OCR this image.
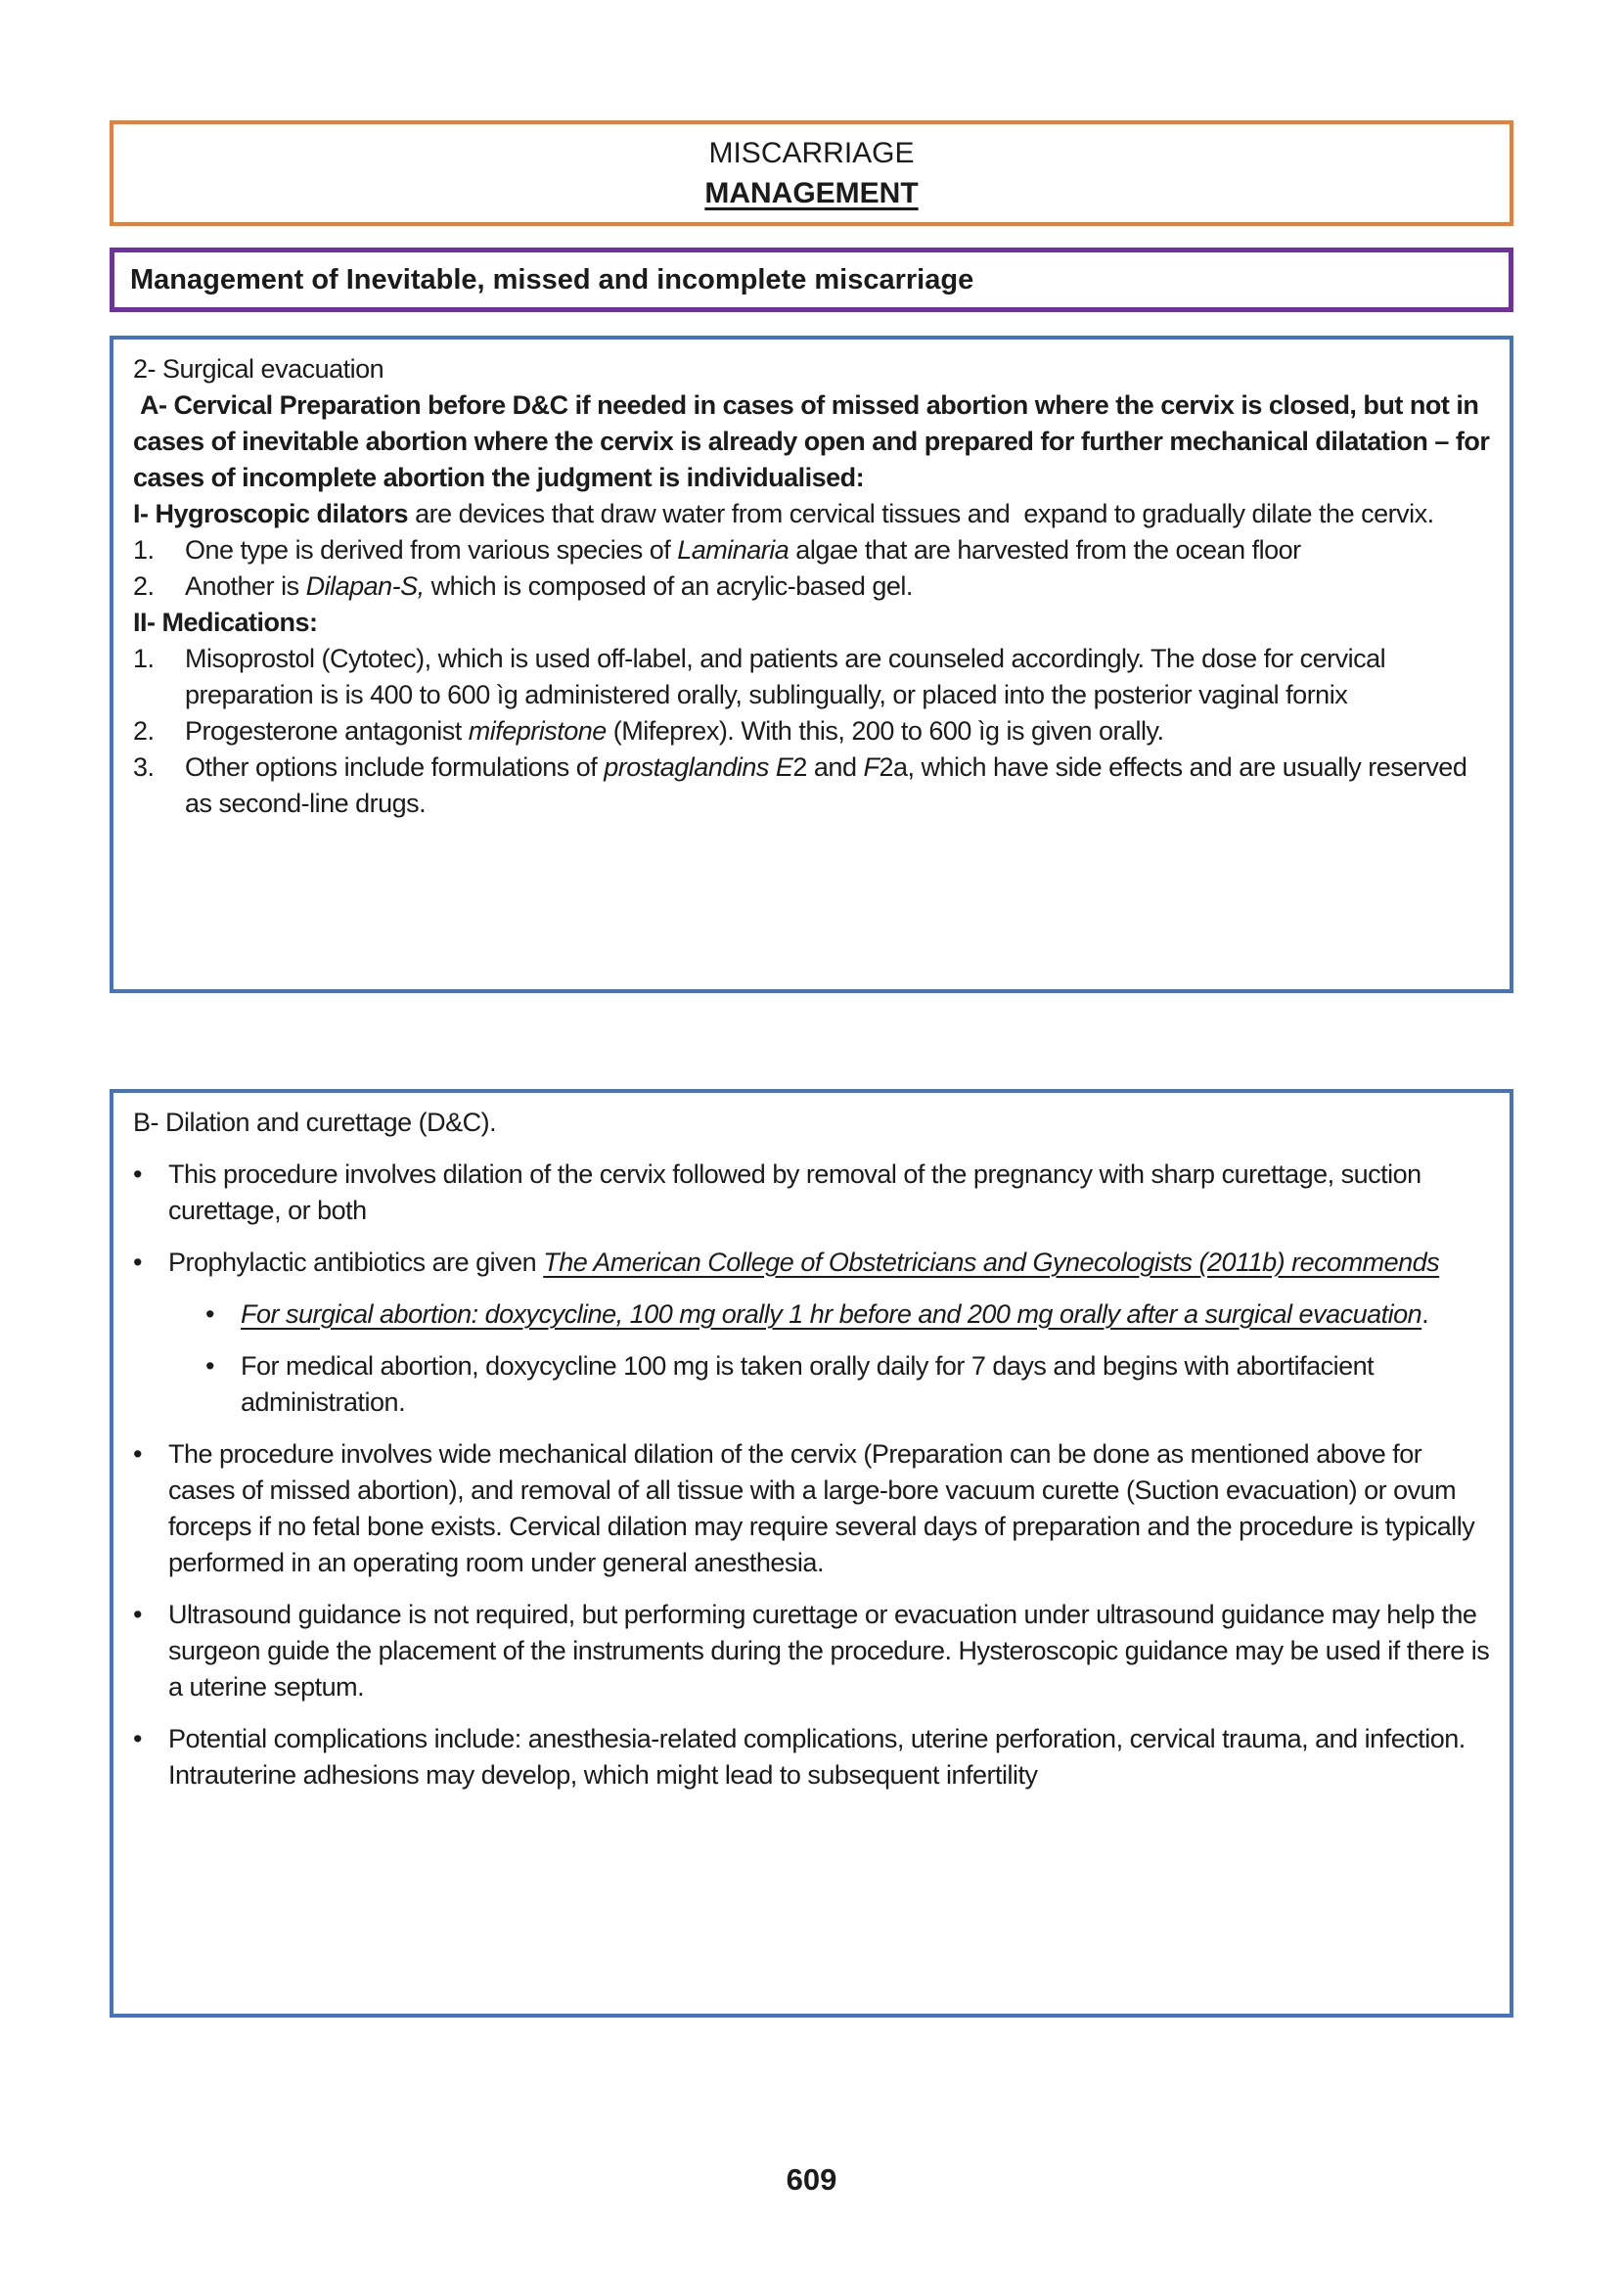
MISCARRIAGE
MANAGEMENT
Management of Inevitable, missed and incomplete miscarriage
2- Surgical evacuation
A- Cervical Preparation before D&C if needed in cases of missed abortion where the cervix is closed, but not in cases of inevitable abortion where the cervix is already open and prepared for further mechanical dilatation – for cases of incomplete abortion the judgment is individualised:
I- Hygroscopic dilators are devices that draw water from cervical tissues and  expand to gradually dilate the cervix.
1.	One type is derived from various species of Laminaria algae that are harvested from the ocean floor
2.	Another is Dilapan-S, which is composed of an acrylic-based gel.
II- Medications:
1.	Misoprostol (Cytotec), which is used off-label, and patients are counseled accordingly. The dose for cervical preparation is is 400 to 600 ìg administered orally, sublingually, or placed into the posterior vaginal fornix
2.	Progesterone antagonist mifepristone (Mifeprex). With this, 200 to 600 ìg is given orally.
3.	Other options include formulations of prostaglandins E2 and F2a, which have side effects and are usually reserved as second-line drugs.
B- Dilation and curettage (D&C).
•	This procedure involves dilation of the cervix followed by removal of the pregnancy with sharp curettage, suction curettage, or both
•	Prophylactic antibiotics are given The American College of Obstetricians and Gynecologists (2011b) recommends
•	For surgical abortion: doxycycline, 100 mg orally 1 hr before and 200 mg orally after a surgical evacuation.
•	For medical abortion, doxycycline 100 mg is taken orally daily for 7 days and begins with abortifacient administration.
•	The procedure involves wide mechanical dilation of the cervix (Preparation can be done as mentioned above for cases of missed abortion), and removal of all tissue with a large-bore vacuum curette (Suction evacuation) or ovum forceps if no fetal bone exists. Cervical dilation may require several days of preparation and the procedure is typically performed in an operating room under general anesthesia.
•	Ultrasound guidance is not required, but performing curettage or evacuation under ultrasound guidance may help the surgeon guide the placement of the instruments during the procedure. Hysteroscopic guidance may be used if there is a uterine septum.
•	Potential complications include: anesthesia-related complications, uterine perforation, cervical trauma, and infection. Intrauterine adhesions may develop, which might lead to subsequent infertility
609
